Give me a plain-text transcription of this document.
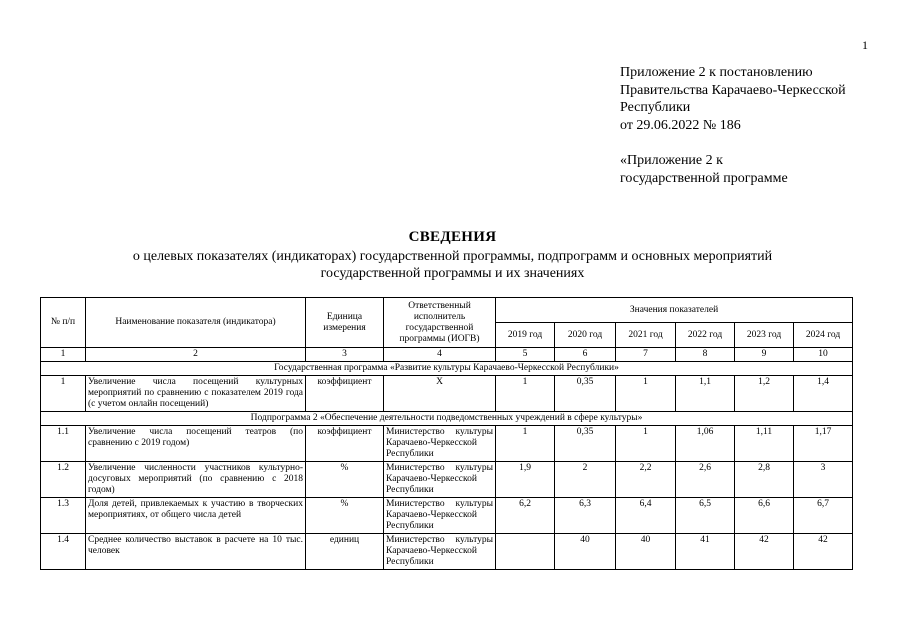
1
Приложение 2 к постановлению
Правительства Карачаево-Черкесской
Республики
от 29.06.2022 № 186
«Приложение 2 к
государственной программе
СВЕДЕНИЯ
о целевых показателях (индикаторах) государственной программы, подпрограмм и основных мероприятий
государственной программы и их значениях
№ п/п	Наименование показателя (индикатора)	Единица измерения	Ответственный исполнитель государственной программы (ИОГВ)	Значения показателей					
				2019 год	2020 год	2021 год	2022 год	2023 год	2024 год
1	2	3	4	5	6	7	8	9	10
Государственная программа «Развитие культуры Карачаево-Черкесской Республики»									
1	Увеличение числа посещений культурных мероприятий по сравнению с показателем 2019 года (с учетом онлайн посещений)	коэффициент	Х	1	0,35	1	1,1	1,2	1,4
Подпрограмма 2 «Обеспечение деятельности подведомственных учреждений в сфере культуры»									
1.1	Увеличение числа посещений театров (по сравнению с 2019 годом)	коэффициент	Министерство культуры Карачаево-Черкесской Республики	1	0,35	1	1,06	1,11	1,17
1.2	Увеличение численности участников культурно-досуговых мероприятий (по сравнению с 2018 годом)	%	Министерство культуры Карачаево-Черкесской Республики	1,9	2	2,2	2,6	2,8	3
1.3	Доля детей, привлекаемых к участию в творческих мероприятиях, от общего числа детей	%	Министерство культуры Карачаево-Черкесской Республики	6,2	6,3	6,4	6,5	6,6	6,7
1.4	Среднее количество выставок в расчете на 10 тыс. человек	единиц	Министерство культуры Карачаево-Черкесской Республики		40	40	41	42	42
